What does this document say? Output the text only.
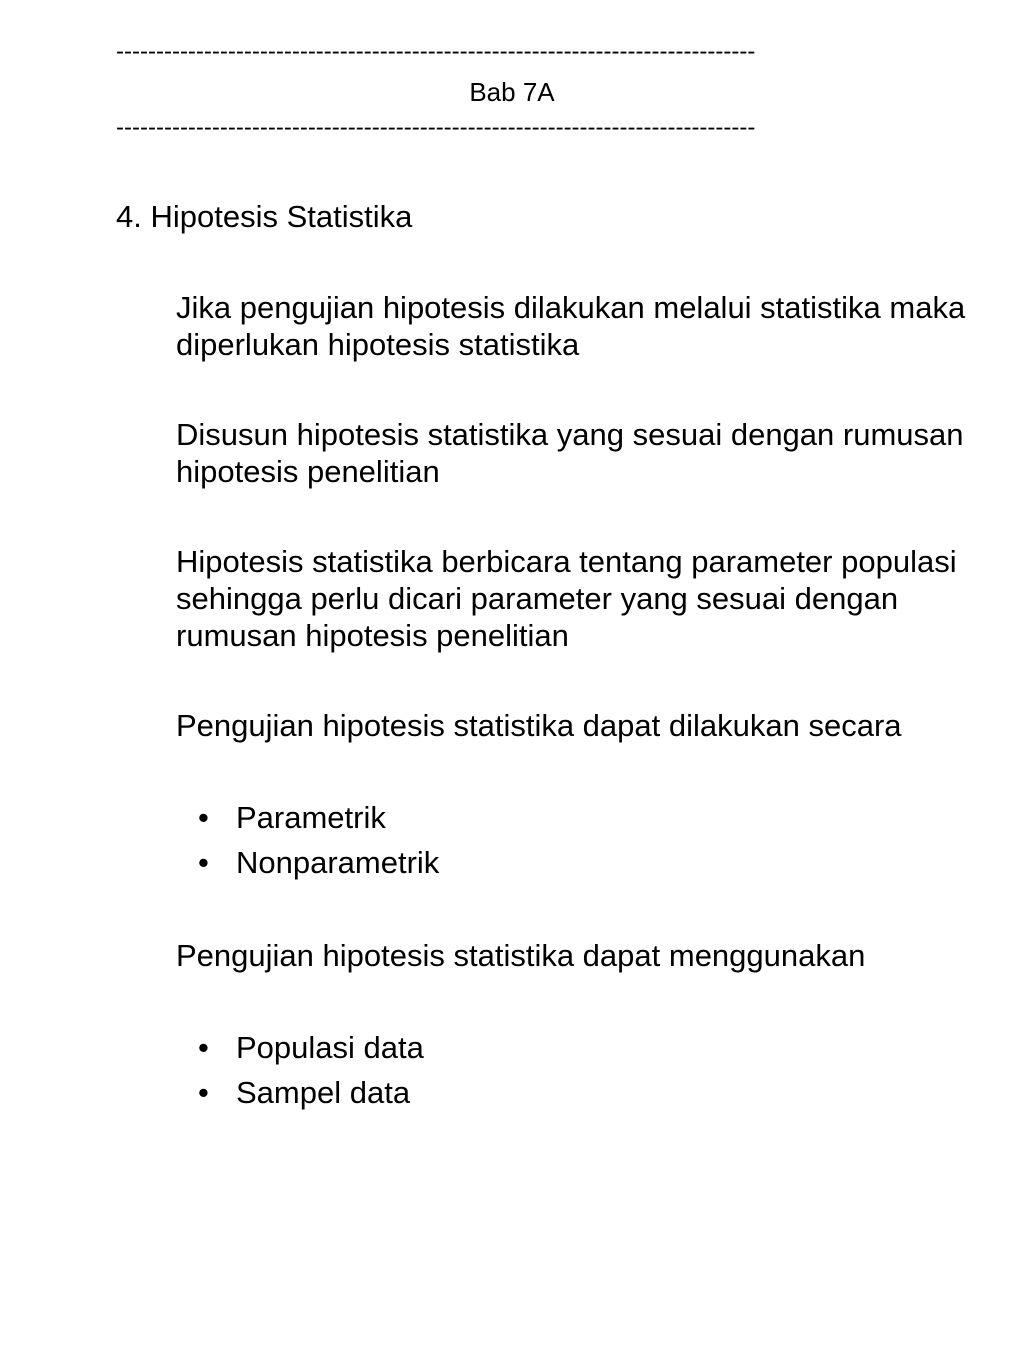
--------------------------------------------------------------------------------
Bab 7A
--------------------------------------------------------------------------------
4. Hipotesis Statistika

Jika pengujian hipotesis dilakukan melalui statistika maka diperlukan hipotesis statistika

Disusun hipotesis statistika yang sesuai dengan rumusan hipotesis penelitian

Hipotesis statistika berbicara tentang parameter populasi sehingga perlu dicari parameter yang sesuai dengan rumusan hipotesis penelitian

Pengujian hipotesis statistika dapat dilakukan secara

• Parametrik
• Nonparametrik

Pengujian hipotesis statistika dapat menggunakan

• Populasi data
• Sampel data
